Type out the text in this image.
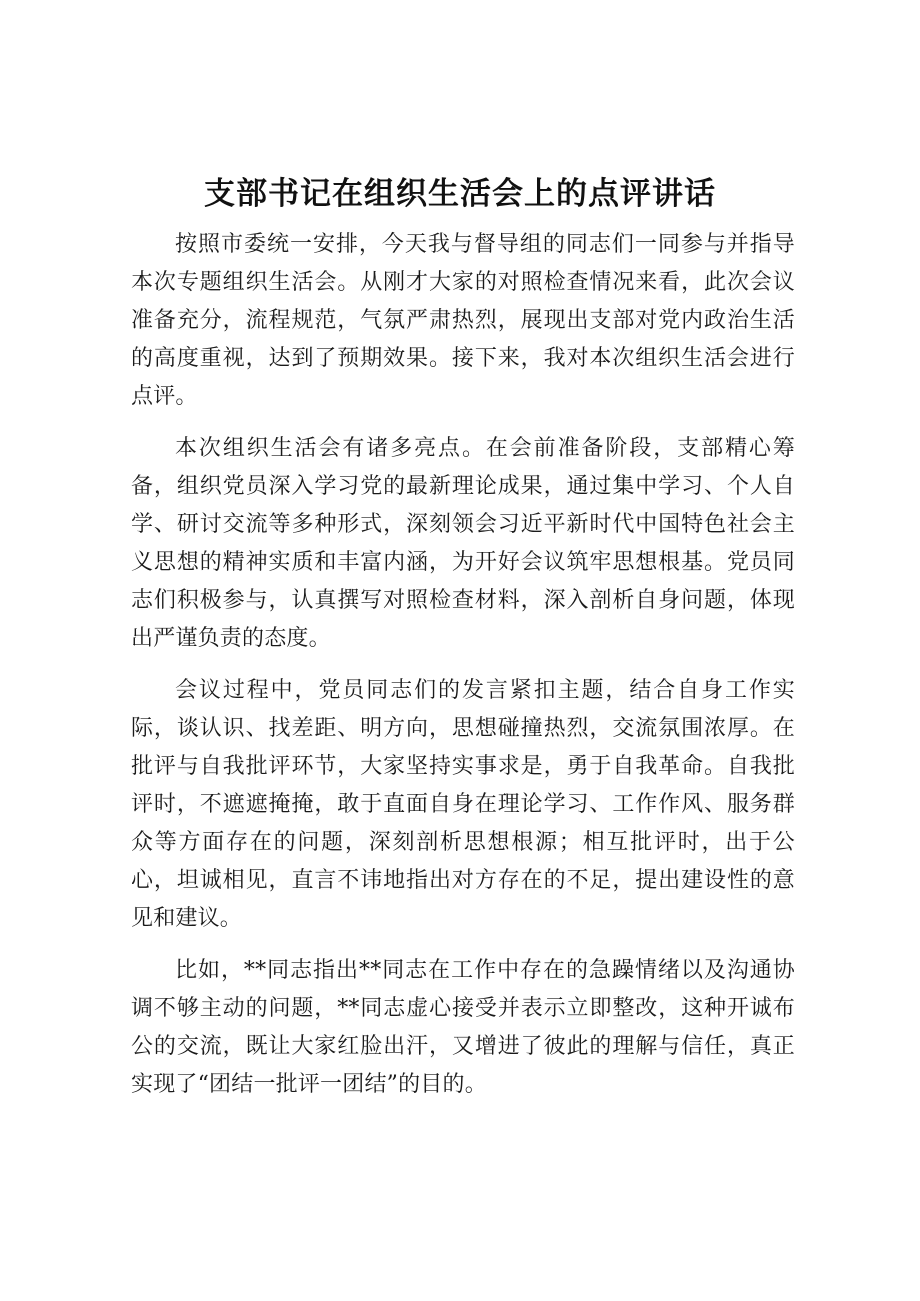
支部书记在组织生活会上的点评讲话

按照市委统一安排，今天我与督导组的同志们一同参与并指导本次专题组织生活会。从刚才大家的对照检查情况来看，此次会议准备充分，流程规范，气氛严肃热烈，展现出支部对党内政治生活的高度重视，达到了预期效果。接下来，我对本次组织生活会进行点评。

本次组织生活会有诸多亮点。在会前准备阶段，支部精心筹备，组织党员深入学习党的最新理论成果，通过集中学习、个人自学、研讨交流等多种形式，深刻领会习近平新时代中国特色社会主义思想的精神实质和丰富内涵，为开好会议筑牢思想根基。党员同志们积极参与，认真撰写对照检查材料，深入剖析自身问题，体现出严谨负责的态度。

会议过程中，党员同志们的发言紧扣主题，结合自身工作实际，谈认识、找差距、明方向，思想碰撞热烈，交流氛围浓厚。在批评与自我批评环节，大家坚持实事求是，勇于自我革命。自我批评时，不遮遮掩掩，敢于直面自身在理论学习、工作作风、服务群众等方面存在的问题，深刻剖析思想根源；相互批评时，出于公心，坦诚相见，直言不讳地指出对方存在的不足，提出建设性的意见和建议。

比如，**同志指出**同志在工作中存在的急躁情绪以及沟通协调不够主动的问题，**同志虚心接受并表示立即整改，这种开诚布公的交流，既让大家红脸出汗，又增进了彼此的理解与信任，真正实现了“团结一批评一团结”的目的。
